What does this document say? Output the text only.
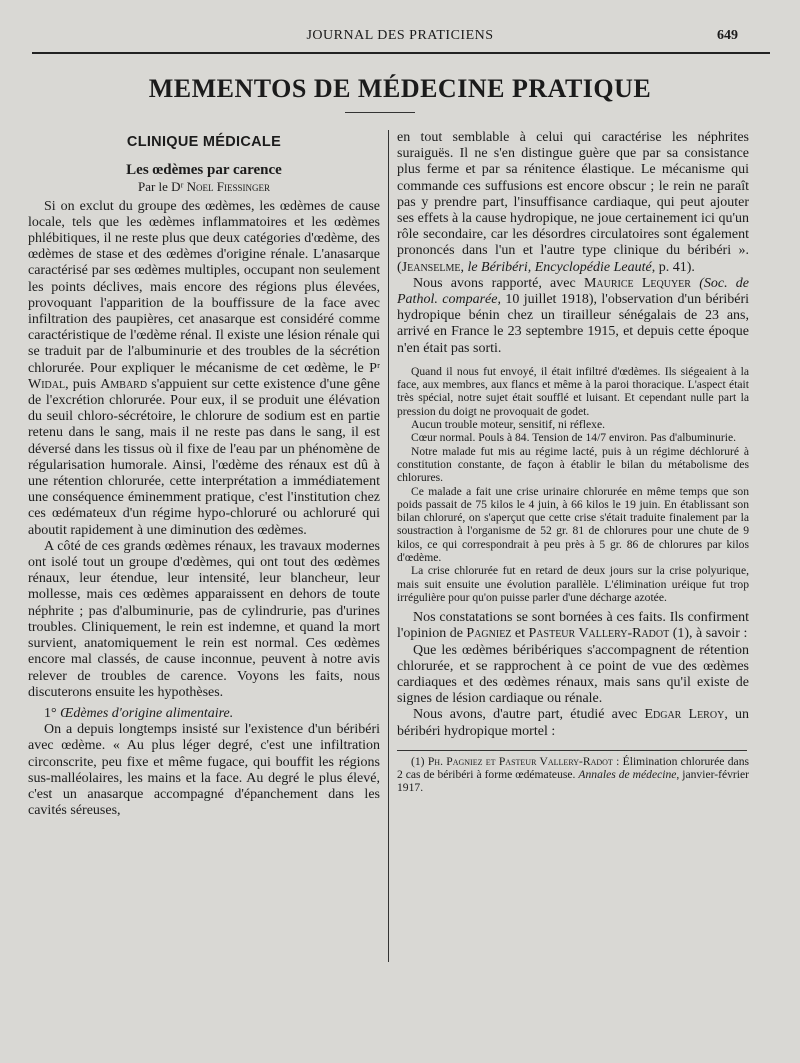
JOURNAL DES PRATICIENS	649
MEMENTOS DE MÉDECINE PRATIQUE
CLINIQUE MÉDICALE
Les œdèmes par carence
Par le Dʳ Noel Fiessinger

Si on exclut du groupe des œdèmes, les œdèmes de cause locale, tels que les œdèmes inflammatoires et les œdèmes phlébitiques, il ne reste plus que deux catégories d'œdème, des œdèmes de stase et des œdèmes d'origine rénale. L'anasarque caractérisé par ses œdèmes multiples, occupant non seulement les points déclives, mais encore des régions plus élevées, provoquant l'apparition de la bouffissure de la face avec infiltration des paupières, cet anasarque est considéré comme caractéristique de l'œdème rénal. Il existe une lésion rénale qui se traduit par de l'albuminurie et des troubles de la sécrétion chlorurée. Pour expliquer le mécanisme de cet œdème, le Pʳ Widal, puis Ambard s'appuient sur cette existence d'une gêne de l'excrétion chlorurée. Pour eux, il se produit une élévation du seuil chloro-sécrétoire, le chlorure de sodium est en partie retenu dans le sang, mais il ne reste pas dans le sang, il est déversé dans les tissus où il fixe de l'eau par un phénomène de régularisation humorale. Ainsi, l'œdème des rénaux est dû à une rétention chlorurée, cette interprétation a immédiatement une conséquence éminemment pratique, c'est l'institution chez ces œdémateux d'un régime hypo-chloruré ou achloruré qui aboutit rapidement à une diminution des œdèmes.

A côté de ces grands œdèmes rénaux, les travaux modernes ont isolé tout un groupe d'œdèmes, qui ont tout des œdèmes rénaux, leur étendue, leur intensité, leur blancheur, leur mollesse, mais ces œdèmes apparaissent en dehors de toute néphrite ; pas d'albuminurie, pas de cylindrurie, pas d'urines troubles. Cliniquement, le rein est indemne, et quand la mort survient, anatomiquement le rein est normal. Ces œdèmes encore mal classés, de cause inconnue, peuvent à notre avis relever de troubles de carence. Voyons les faits, nous discuterons ensuite les hypothèses.

1° Œdèmes d'origine alimentaire.

On a depuis longtemps insisté sur l'existence d'un béribéri avec œdème. « Au plus léger degré, c'est une infiltration circonscrite, peu fixe et même fugace, qui bouffit les régions sus-malléolaires, les mains et la face. Au degré le plus élevé, c'est un anasarque accompagné d'épanchement dans les cavités séreuses,

en tout semblable à celui qui caractérise les néphrites suraiguës. Il ne s'en distingue guère que par sa consistance plus ferme et par sa rénitence élastique. Le mécanisme qui commande ces suffusions est encore obscur ; le rein ne paraît pas y prendre part, l'insuffisance cardiaque, qui peut ajouter ses effets à la cause hydropique, ne joue certainement ici qu'un rôle secondaire, car les désordres circulatoires sont également prononcés dans l'un et l'autre type clinique du béribéri ». (Jeanselme, le Béribéri, Encyclopédie Leauté, p. 41).

Nous avons rapporté, avec Maurice Lequyer (Soc. de Pathol. comparée, 10 juillet 1918), l'observation d'un béribéri hydropique bénin chez un tirailleur sénégalais de 23 ans, arrivé en France le 23 septembre 1915, et depuis cette époque n'en était pas sorti.

Quand il nous fut envoyé, il était infiltré d'œdèmes. Ils siégeaient à la face, aux membres, aux flancs et même à la paroi thoracique. L'aspect était très spécial, notre sujet était soufflé et luisant. Et cependant nulle part la pression du doigt ne provoquait de godet.

Aucun trouble moteur, sensitif, ni réflexe.

Cœur normal. Pouls à 84. Tension de 14/7 environ. Pas d'albuminurie.

Notre malade fut mis au régime lacté, puis à un régime déchloruré à constitution constante, de façon à établir le bilan du métabolisme des chlorures.

Ce malade a fait une crise urinaire chlorurée en même temps que son poids passait de 75 kilos le 4 juin, à 66 kilos le 19 juin. En établissant son bilan chloruré, on s'aperçut que cette crise s'était traduite finalement par la soustraction à l'organisme de 52 gr. 81 de chlorures pour une chute de 9 kilos, ce qui correspondrait à peu près à 5 gr. 86 de chlorures par kilos d'œdème.

La crise chlorurée fut en retard de deux jours sur la crise polyurique, mais suit ensuite une évolution parallèle. L'élimination uréique fut trop irrégulière pour qu'on puisse parler d'une décharge azotée.

Nos constatations se sont bornées à ces faits. Ils confirment l'opinion de Pagniez et Pasteur Vallery-Radot (1), à savoir :

Que les œdèmes béribériques s'accompagnent de rétention chlorurée, et se rapprochent à ce point de vue des œdèmes cardiaques et des œdèmes rénaux, mais sans qu'il existe de signes de lésion cardiaque ou rénale.

Nous avons, d'autre part, étudié avec Edgar Leroy, un béribéri hydropique mortel :

(1) Ph. Pagniez et Pasteur Vallery-Radot : Élimination chlorurée dans 2 cas de béribéri à forme œdémateuse. Annales de médecine, janvier-février 1917.
